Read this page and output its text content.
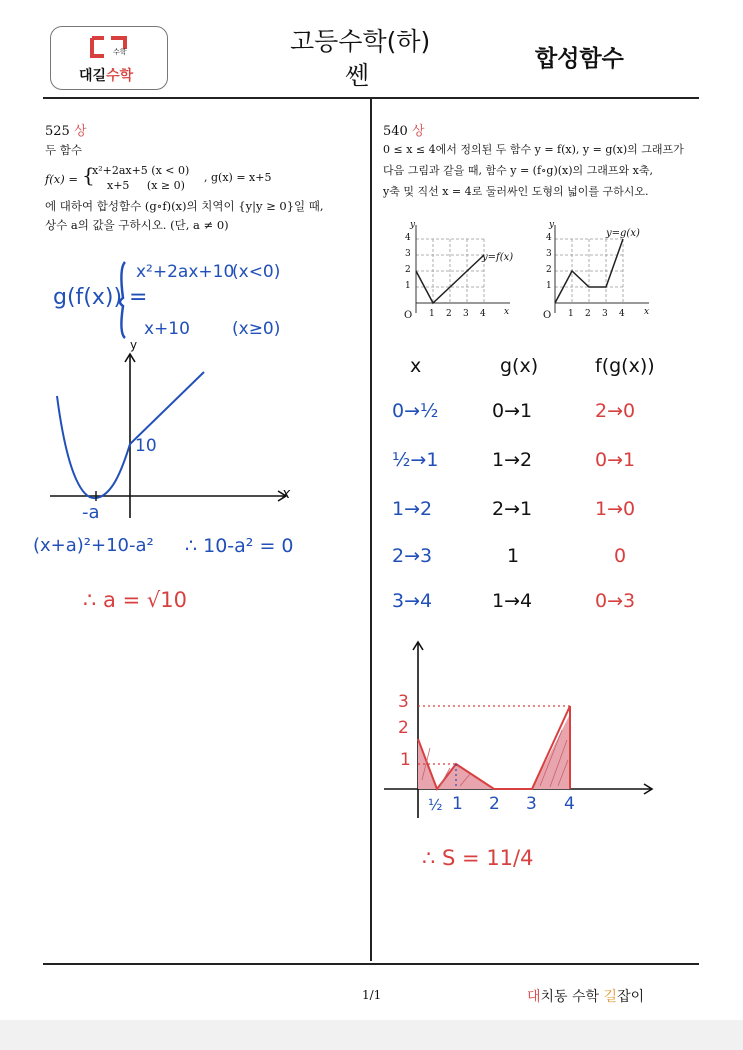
수학
대길수학
고등수학(하)
쎈
합성함수
525 상
두 함수
f(x) = {
x²+2ax+5 (x < 0)
x+5     (x ≥ 0)
, g(x) = x+5
에 대하여 합성함수 (g∘f)(x)의 치역이 {y|y ≥ 0}일 때,
상수 a의 값을 구하시오. (단, a ≠ 0)
g(f(x)) =
x²+2ax+10
(x<0)
x+10 (x≥0)
y
x
10
-a
(x+a)²+10-a² ∴ 10-a² = 0
∴ a = √10
540 상
0 ≤ x ≤ 4에서 정의된 두 함수 y = f(x), y = g(x)의 그래프가
다음 그림과 같을 때, 함수 y = (f∘g)(x)의 그래프와 x축,
y축 및 직선 x = 4로 둘러싸인 도형의 넓이를 구하시오.
y
x
O 1 2 3 4
1
2
3
4
y=f(x)
y
x
O 1 2 3 4
1
2
3
4	y=g(x)
x	g(x)	f(g(x))
0→½	0→1	2→0
½→1	1→2	0→1
1→2	2→1	1→0
2→3	1	0
3→4	1→4	0→3
3
2
1
½ 1 2 3 4
∴ S = 11/4
1/1	대치동 수학 길잡이
